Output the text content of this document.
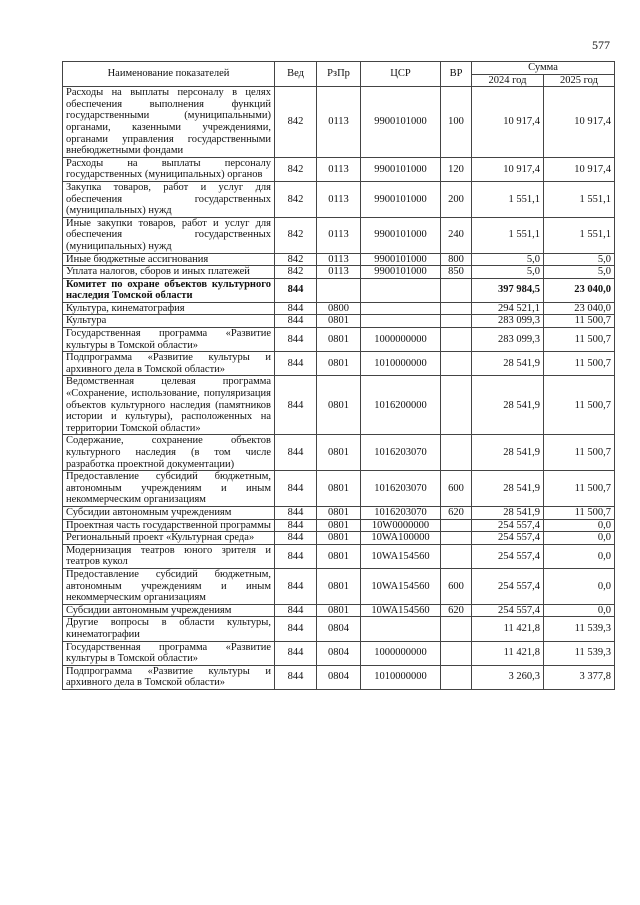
577
Наименование показателей	Вед	РзПр	ЦСР	ВР	Сумма	
					2024 год	2025 год
Расходы на выплаты персоналу в целях обеспечения выполнения функций государственными (муниципальными) органами, казенными учреждениями, органами управления государственными внебюджетными фондами	842	0113	9900101000	100	10 917,4	10 917,4
Расходы на выплаты персоналу государственных (муниципальных) органов	842	0113	9900101000	120	10 917,4	10 917,4
Закупка товаров, работ и услуг для обеспечения государственных (муниципальных) нужд	842	0113	9900101000	200	1 551,1	1 551,1
Иные закупки товаров, работ и услуг для обеспечения государственных (муниципальных) нужд	842	0113	9900101000	240	1 551,1	1 551,1
Иные бюджетные ассигнования	842	0113	9900101000	800	5,0	5,0
Уплата налогов, сборов и иных платежей	842	0113	9900101000	850	5,0	5,0
Комитет по охране объектов культурного наследия Томской области	844				397 984,5	23 040,0
Культура, кинематография	844	0800			294 521,1	23 040,0
Культура	844	0801			283 099,3	11 500,7
Государственная программа «Развитие культуры в Томской области»	844	0801	1000000000		283 099,3	11 500,7
Подпрограмма «Развитие культуры и архивного дела в Томской области»	844	0801	1010000000		28 541,9	11 500,7
Ведомственная целевая программа «Сохранение, использование, популяризация объектов культурного наследия (памятников истории и культуры), расположенных на территории Томской области»	844	0801	1016200000		28 541,9	11 500,7
Содержание, сохранение объектов культурного наследия (в том числе разработка проектной документации)	844	0801	1016203070		28 541,9	11 500,7
Предоставление субсидий бюджетным, автономным учреждениям и иным некоммерческим организациям	844	0801	1016203070	600	28 541,9	11 500,7
Субсидии автономным учреждениям	844	0801	1016203070	620	28 541,9	11 500,7
Проектная часть государственной программы	844	0801	10W0000000		254 557,4	0,0
Региональный проект «Культурная среда»	844	0801	10WA100000		254 557,4	0,0
Модернизация театров юного зрителя и театров кукол	844	0801	10WA154560		254 557,4	0,0
Предоставление субсидий бюджетным, автономным учреждениям и иным некоммерческим организациям	844	0801	10WA154560	600	254 557,4	0,0
Субсидии автономным учреждениям	844	0801	10WA154560	620	254 557,4	0,0
Другие вопросы в области культуры, кинематографии	844	0804			11 421,8	11 539,3
Государственная программа «Развитие культуры в Томской области»	844	0804	1000000000		11 421,8	11 539,3
Подпрограмма «Развитие культуры и архивного дела в Томской области»	844	0804	1010000000		3 260,3	3 377,8
